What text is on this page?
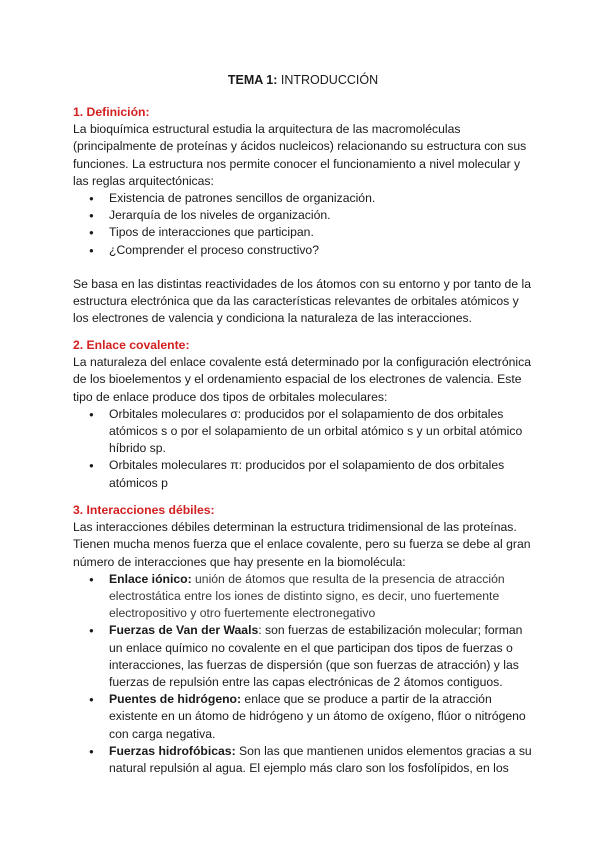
TEMA 1: INTRODUCCIÓN
1. Definición:

La bioquímica estructural estudia la arquitectura de las macromoléculas (principalmente de proteínas y ácidos nucleicos) relacionando su estructura con sus funciones. La estructura nos permite conocer el funcionamiento a nivel molecular y las reglas arquitectónicas:

● Existencia de patrones sencillos de organización.
● Jerarquía de los niveles de organización.
● Tipos de interacciones que participan.
● ¿Comprender el proceso constructivo?

Se basa en las distintas reactividades de los átomos con su entorno y por tanto de la estructura electrónica que da las características relevantes de orbitales atómicos y los electrones de valencia y condiciona la naturaleza de las interacciones.

2. Enlace covalente:

La naturaleza del enlace covalente está determinado por la configuración electrónica de los bioelementos y el ordenamiento espacial de los electrones de valencia. Este tipo de enlace produce dos tipos de orbitales moleculares:

● Orbitales moleculares σ: producidos por el solapamiento de dos orbitales atómicos s o por el solapamiento de un orbital atómico s y un orbital atómico híbrido sp.
● Orbitales moleculares π: producidos por el solapamiento de dos orbitales atómicos p
3. Interacciones débiles:

Las interacciones débiles determinan la estructura tridimensional de las proteínas. Tienen mucha menos fuerza que el enlace covalente, pero su fuerza se debe al gran número de interacciones que hay presente en la biomolécula:

● Enlace iónico: unión de átomos que resulta de la presencia de atracción electrostática entre los iones de distinto signo, es decir, uno fuertemente electropositivo y otro fuertemente electronegativo
● Fuerzas de Van der Waals: son fuerzas de estabilización molecular; forman un enlace químico no covalente en el que participan dos tipos de fuerzas o interacciones, las fuerzas de dispersión (que son fuerzas de atracción) y las fuerzas de repulsión entre las capas electrónicas de 2 átomos contiguos.
● Puentes de hidrógeno: enlace que se produce a partir de la atracción existente en un átomo de hidrógeno y un átomo de oxígeno, flúor o nitrógeno con carga negativa.
● Fuerzas hidrofóbicas: Son las que mantienen unidos elementos gracias a su natural repulsión al agua. El ejemplo más claro son los fosfolípidos, en los
